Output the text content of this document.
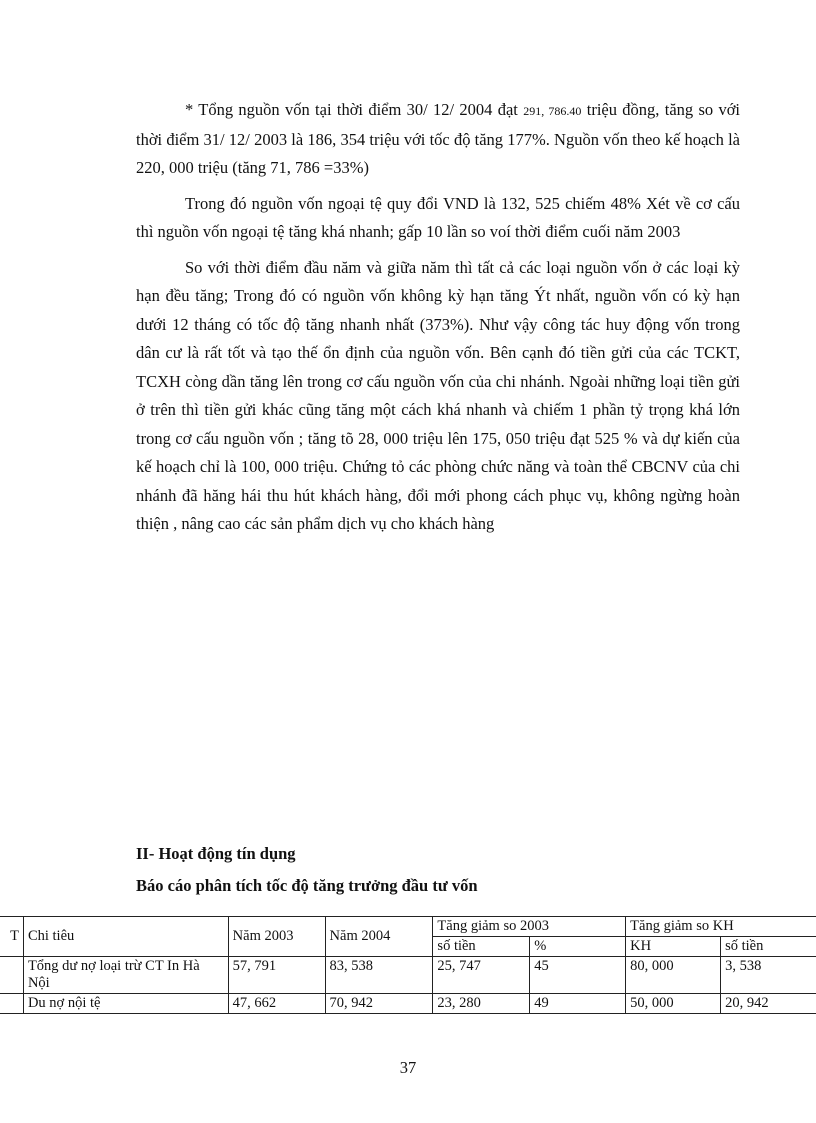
* Tổng nguồn vốn tại thời điểm 30/ 12/ 2004 đạt 291, 786.40 triệu đồng, tăng so với thời điểm 31/ 12/ 2003 là 186, 354 triệu với tốc độ tăng 177%. Nguồn vốn theo kế hoạch là 220, 000 triệu (tăng 71, 786 =33%)

Trong đó nguồn vốn ngoại tệ quy đổi VND là 132, 525 chiếm 48% Xét về cơ cấu thì nguồn vốn ngoại tệ tăng khá nhanh; gấp 10 lần so voí thời điểm cuối năm 2003

So với thời điểm đầu năm và giữa năm thì tất cả các loại nguồn vốn ở các loại kỳ hạn đều tăng; Trong đó có nguồn vốn không kỳ hạn tăng Ýt nhất, nguồn vốn có kỳ hạn dưới 12 tháng có tốc độ tăng nhanh nhất (373%). Như vậy công tác huy động vốn trong dân cư là rất tốt và tạo thế ổn định của nguồn vốn. Bên cạnh đó tiền gửi của các TCKT, TCXH còng dần tăng lên trong cơ cấu nguồn vốn của chi nhánh. Ngoài những loại tiền gửi ở trên thì tiền gửi khác cũng tăng một cách khá nhanh và chiếm 1 phần tỷ trọng khá lớn trong cơ cấu nguồn vốn ; tăng tõ 28, 000 triệu lên 175, 050 triệu đạt 525 % và dự kiến của kế hoạch chỉ là 100, 000 triệu. Chứng tỏ các phòng chức năng và toàn thể CBCNV của chi nhánh đã hăng hái thu hút khách hàng, đổi mới phong cách phục vụ, không ngừng hoàn thiện , nâng cao các sản phẩm dịch vụ cho khách hàng

II- Hoạt động tín dụng
Báo cáo phân tích tốc độ tăng trưởng đầu tư vốn
T	Chi tiêu	Năm 2003	Năm 2004	Tăng giảm so 2003		Tăng giảm so KH	
				số tiền	%	KH	số tiền
	Tổng dư nợ loại trừ CT In Hà Nội	57, 791	83, 538	25, 747	45	80, 000	3, 538
	Du nợ nội tệ	47, 662	70, 942	23, 280	49	50, 000	20, 942
37
